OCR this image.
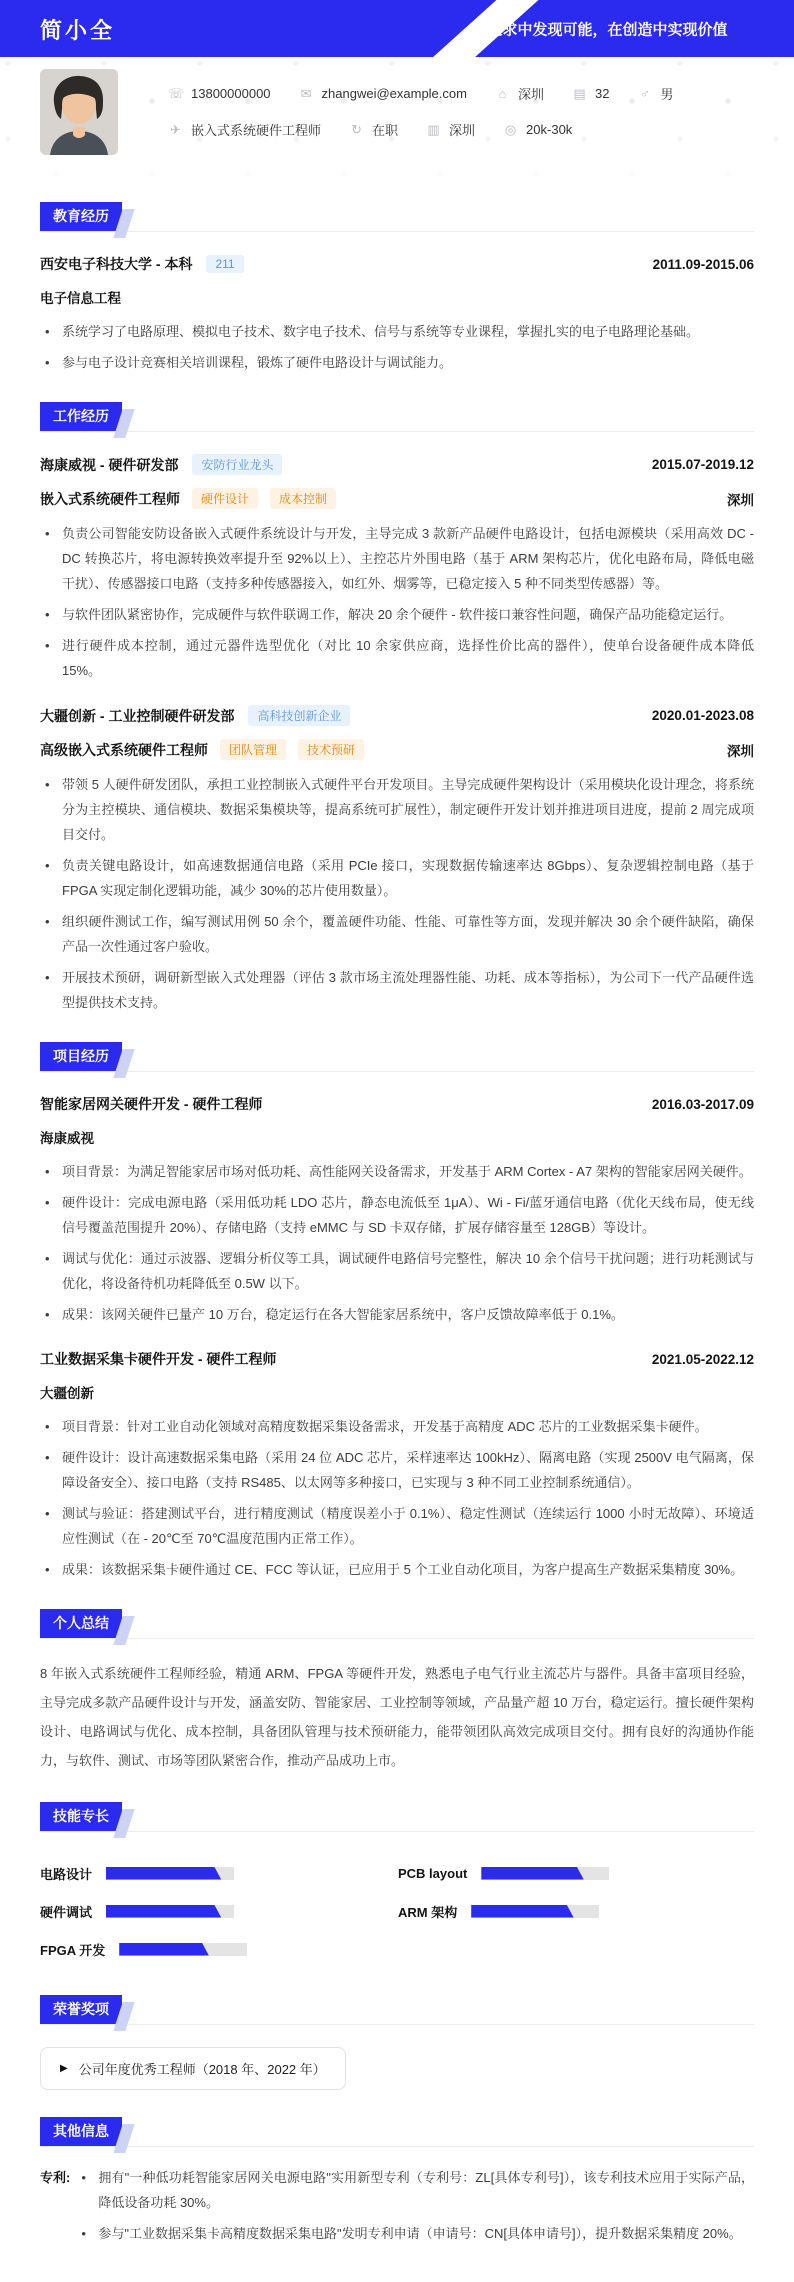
简小全	在追求中发现可能，在创造中实现价值
☏ 13800000000 ✉ zhangwei@example.com ⌂ 深圳 ▤ 32 ♂ 男
✈ 嵌入式系统硬件工程师 ↻ 在职 ▥ 深圳 ◎ 20k-30k
教育经历
西安电子科技大学 - 本科	211	2011.09-2015.06
电子信息工程
• 系统学习了电路原理、模拟电子技术、数字电子技术、信号与系统等专业课程，掌握扎实的电子电路理论基础。
• 参与电子设计竞赛相关培训课程，锻炼了硬件电路设计与调试能力。
工作经历
海康威视 - 硬件研发部	安防行业龙头	2015.07-2019.12
嵌入式系统硬件工程师	硬件设计	成本控制	深圳
• 负责公司智能安防设备嵌入式硬件系统设计与开发，主导完成 3 款新产品硬件电路设计，包括电源模块（采用高效 DC - DC 转换芯片，将电源转换效率提升至 92%以上）、主控芯片外围电路（基于 ARM 架构芯片，优化电路布局，降低电磁干扰）、传感器接口电路（支持多种传感器接入，如红外、烟雾等，已稳定接入 5 种不同类型传感器）等。
• 与软件团队紧密协作，完成硬件与软件联调工作，解决 20 余个硬件 - 软件接口兼容性问题，确保产品功能稳定运行。
• 进行硬件成本控制，通过元器件选型优化（对比 10 余家供应商，选择性价比高的器件），使单台设备硬件成本降低 15%。
大疆创新 - 工业控制硬件研发部	高科技创新企业	2020.01-2023.08
高级嵌入式系统硬件工程师	团队管理	技术预研	深圳
• 带领 5 人硬件研发团队，承担工业控制嵌入式硬件平台开发项目。主导完成硬件架构设计（采用模块化设计理念，将系统分为主控模块、通信模块、数据采集模块等，提高系统可扩展性），制定硬件开发计划并推进项目进度，提前 2 周完成项目交付。
• 负责关键电路设计，如高速数据通信电路（采用 PCIe 接口，实现数据传输速率达 8Gbps）、复杂逻辑控制电路（基于 FPGA 实现定制化逻辑功能，减少 30%的芯片使用数量）。
• 组织硬件测试工作，编写测试用例 50 余个，覆盖硬件功能、性能、可靠性等方面，发现并解决 30 余个硬件缺陷，确保产品一次性通过客户验收。
• 开展技术预研，调研新型嵌入式处理器（评估 3 款市场主流处理器性能、功耗、成本等指标），为公司下一代产品硬件选型提供技术支持。
项目经历
智能家居网关硬件开发 - 硬件工程师	2016.03-2017.09
海康威视
• 项目背景：为满足智能家居市场对低功耗、高性能网关设备需求，开发基于 ARM Cortex - A7 架构的智能家居网关硬件。
• 硬件设计：完成电源电路（采用低功耗 LDO 芯片，静态电流低至 1μA）、Wi - Fi/蓝牙通信电路（优化天线布局，使无线信号覆盖范围提升 20%）、存储电路（支持 eMMC 与 SD 卡双存储，扩展存储容量至 128GB）等设计。
• 调试与优化：通过示波器、逻辑分析仪等工具，调试硬件电路信号完整性，解决 10 余个信号干扰问题；进行功耗测试与优化，将设备待机功耗降低至 0.5W 以下。
• 成果：该网关硬件已量产 10 万台，稳定运行在各大智能家居系统中，客户反馈故障率低于 0.1%。
工业数据采集卡硬件开发 - 硬件工程师	2021.05-2022.12
大疆创新
• 项目背景：针对工业自动化领域对高精度数据采集设备需求，开发基于高精度 ADC 芯片的工业数据采集卡硬件。
• 硬件设计：设计高速数据采集电路（采用 24 位 ADC 芯片，采样速率达 100kHz）、隔离电路（实现 2500V 电气隔离，保障设备安全）、接口电路（支持 RS485、以太网等多种接口，已实现与 3 种不同工业控制系统通信）。
• 测试与验证：搭建测试平台，进行精度测试（精度误差小于 0.1%）、稳定性测试（连续运行 1000 小时无故障）、环境适应性测试（在 - 20℃至 70℃温度范围内正常工作）。
• 成果：该数据采集卡硬件通过 CE、FCC 等认证，已应用于 5 个工业自动化项目，为客户提高生产数据采集精度 30%。
个人总结
8 年嵌入式系统硬件工程师经验，精通 ARM、FPGA 等硬件开发，熟悉电子电气行业主流芯片与器件。具备丰富项目经验，主导完成多款产品硬件设计与开发，涵盖安防、智能家居、工业控制等领域，产品量产超 10 万台，稳定运行。擅长硬件架构设计、电路调试与优化、成本控制，具备团队管理与技术预研能力，能带领团队高效完成项目交付。拥有良好的沟通协作能力，与软件、测试、市场等团队紧密合作，推动产品成功上市。
技能专长
电路设计	PCB layout
硬件调试	ARM 架构
FPGA 开发
荣誉奖项
▶ 公司年度优秀工程师（2018 年、2022 年）
其他信息
专利:	• 拥有"一种低功耗智能家居网关电源电路"实用新型专利（专利号：ZL[具体专利号]），该专利技术应用于实际产品，降低设备功耗 30%。
• 参与"工业数据采集卡高精度数据采集电路"发明专利申请（申请号：CN[具体申请号]），提升数据采集精度 20%。
